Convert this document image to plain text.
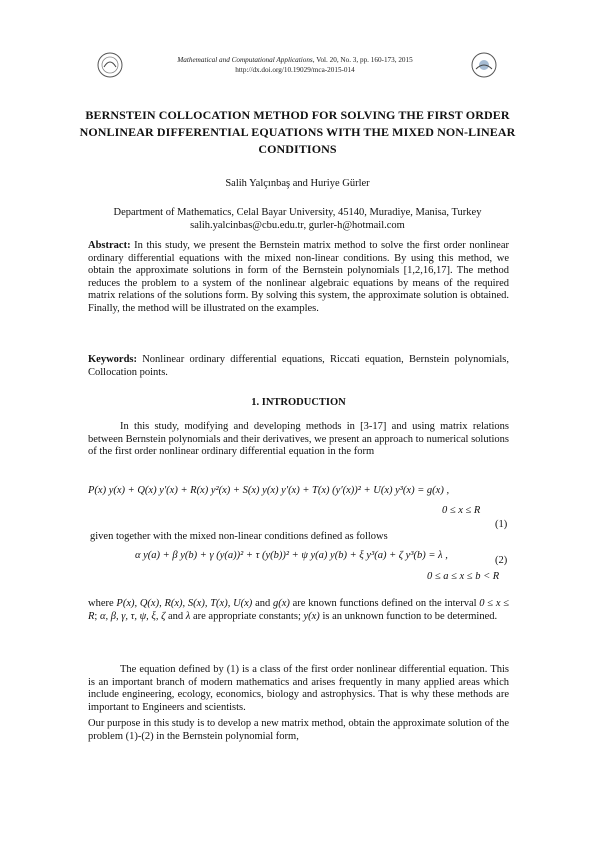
Mathematical and Computational Applications, Vol. 20, No. 3, pp. 160-173, 2015
http://dx.doi.org/10.19029/mca-2015-014
BERNSTEIN COLLOCATION METHOD FOR SOLVING THE FIRST ORDER NONLINEAR DIFFERENTIAL EQUATIONS WITH THE MIXED NON-LINEAR CONDITIONS
Salih Yalçınbaş and Huriye Gürler
Department of Mathematics, Celal Bayar University, 45140, Muradiye, Manisa, Turkey
salih.yalcinbas@cbu.edu.tr, gurler-h@hotmail.com
Abstract: In this study, we present the Bernstein matrix method to solve the first order nonlinear ordinary differential equations with the mixed non-linear conditions. By using this method, we obtain the approximate solutions in form of the Bernstein polynomials [1,2,16,17]. The method reduces the problem to a system of the nonlinear algebraic equations by means of the required matrix relations of the solutions form. By solving this system, the approximate solution is obtained. Finally, the method will be illustrated on the examples.
Keywords: Nonlinear ordinary differential equations, Riccati equation, Bernstein polynomials, Collocation points.
1. INTRODUCTION
In this study, modifying and developing methods in [3-17] and using matrix relations between Bernstein polynomials and their derivatives, we present an approach to numerical solutions of the first order nonlinear ordinary differential equation in the form
P(x) y(x) + Q(x) y′(x) + R(x) y²(x) + S(x) y(x) y′(x) + T(x) (y′(x))² + U(x) y³(x) = g(x) ,
0 ≤ x ≤ R
(1)
given together with the mixed non-linear conditions defined as follows
α y(a) + β y(b) + γ (y(a))² + τ (y(b))² + ψ y(a) y(b) + ξ y³(a) + ζ y³(b) = λ ,	(2)
0 ≤ a ≤ x ≤ b < R
where P(x), Q(x), R(x), S(x), T(x), U(x) and g(x) are known functions defined on the interval 0 ≤ x ≤ R; α, β, γ, τ, ψ, ξ, ζ and λ are appropriate constants; y(x) is an unknown function to be determined.
The equation defined by (1) is a class of the first order nonlinear differential equation. This is an important branch of modern mathematics and arises frequently in many applied areas which include engineering, ecology, economics, biology and astrophysics. That is why these methods are important to Engineers and scientists.
Our purpose in this study is to develop a new matrix method, obtain the approximate solution of the problem (1)-(2) in the Bernstein polynomial form,
